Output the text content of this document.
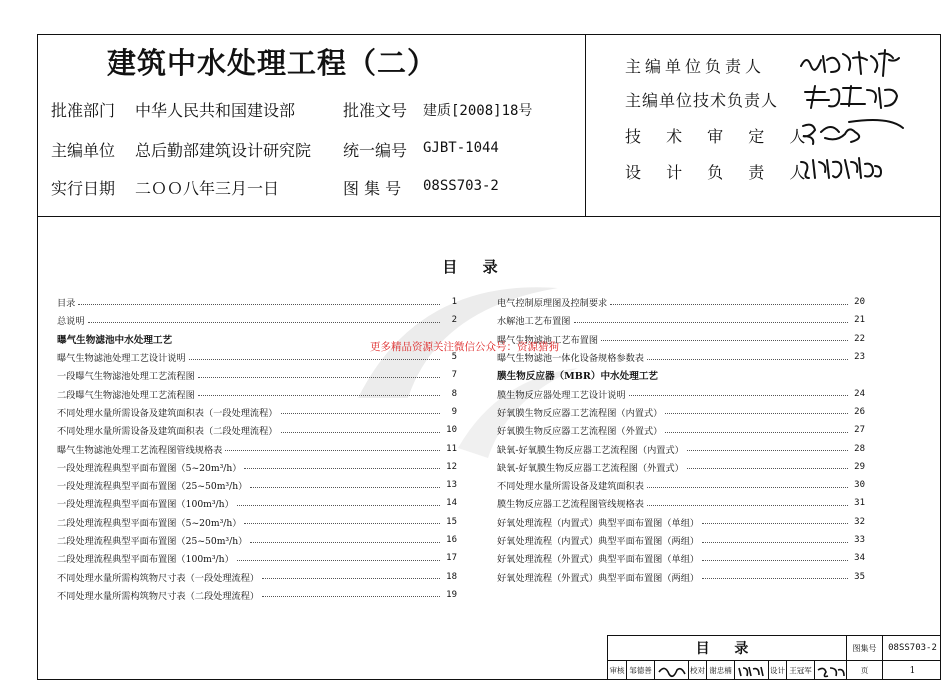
建筑中水处理工程（二）
批准部门 中华人民共和国建设部	批准文号 建质[2008]18号
主编单位 总后勤部建筑设计研究院 统一编号 GJBT-1044
实行日期 二ＯＯ八年三月一日	图 集 号 08SS703-2
主编单位负责人
主编单位技术负责人
技 术 审 定 人
设 计 负 责 人
目 录
目录	1
总说明	2
曝气生物滤池中水处理工艺
曝气生物滤池处理工艺设计说明	5
一段曝气生物滤池处理工艺流程图	7
二段曝气生物滤池处理工艺流程图	8
不同处理水量所需设备及建筑面积表（一段处理流程）	9
不同处理水量所需设备及建筑面积表（二段处理流程）	10
曝气生物滤池处理工艺流程图管线规格表	11
一段处理流程典型平面布置图（5~20m³/h）	12
一段处理流程典型平面布置图（25~50m³/h）	13
一段处理流程典型平面布置图（100m³/h）	14
二段处理流程典型平面布置图（5~20m³/h）	15
二段处理流程典型平面布置图（25~50m³/h）	16
二段处理流程典型平面布置图（100m³/h）	17
不同处理水量所需构筑物尺寸表（一段处理流程）	18
不同处理水量所需构筑物尺寸表（二段处理流程）	19
电气控制原理图及控制要求	20
水解池工艺布置图	21
曝气生物滤池工艺布置图	22
曝气生物滤池一体化设备规格参数表	23
膜生物反应器（MBR）中水处理工艺
膜生物反应器处理工艺设计说明	24
好氧膜生物反应器工艺流程图（内置式）	26
好氧膜生物反应器工艺流程图（外置式）	27
缺氧-好氧膜生物反应器工艺流程图（内置式）	28
缺氧-好氧膜生物反应器工艺流程图（外置式）	29
不同处理水量所需设备及建筑面积表	30
膜生物反应器工艺流程图管线规格表	31
好氧处理流程（内置式）典型平面布置图（单组）	32
好氧处理流程（内置式）典型平面布置图（两组）	33
好氧处理流程（外置式）典型平面布置图（单组）	34
好氧处理流程（外置式）典型平面布置图（两组）	35
更多精品资源关注微信公众号：资源猎狗
目 录	图集号	08SS703-2
审核 邹德善	校对 谢忠楠	设计 王冠军	页	1
